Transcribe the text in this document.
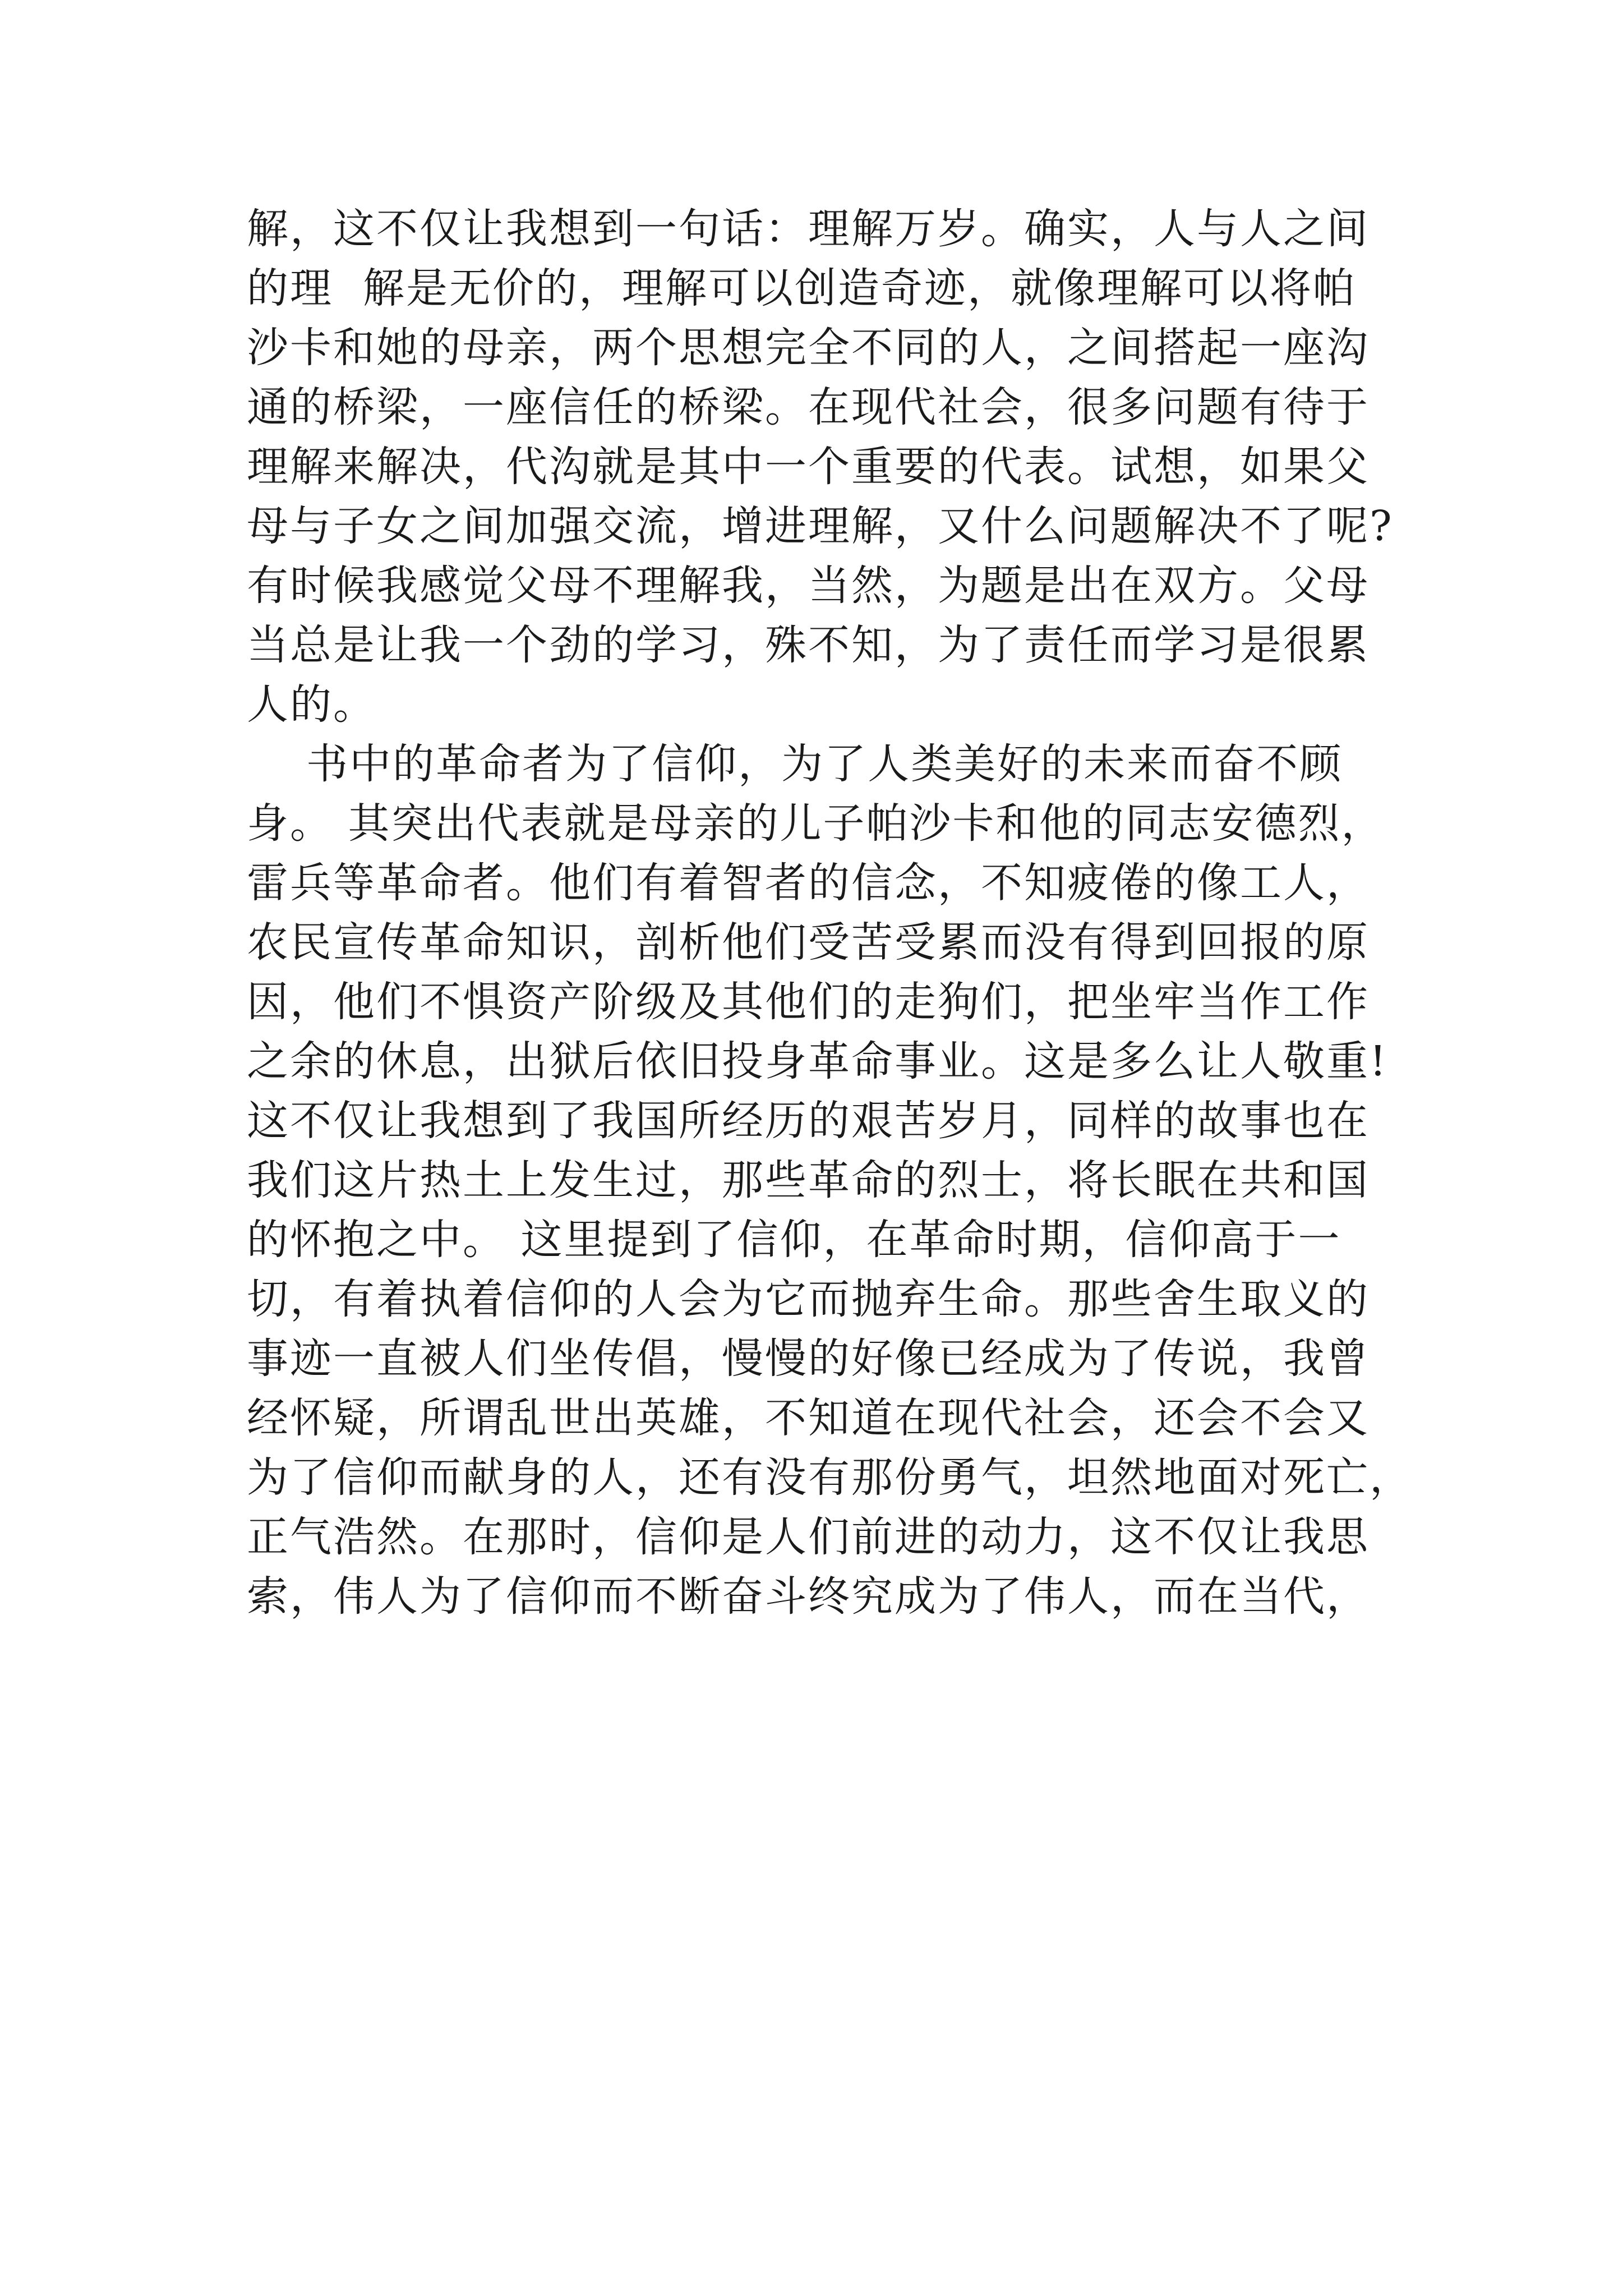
解，这不仅让我想到一句话：理解万岁。确实，人与人之间
的理  解是无价的，理解可以创造奇迹，就像理解可以将帕
沙卡和她的母亲，两个思想完全不同的人，之间搭起一座沟
通的桥梁，一座信任的桥梁。在现代社会，很多问题有待于
理解来解决，代沟就是其中一个重要的代表。试想，如果父
母与子女之间加强交流，增进理解，又什么问题解决不了呢?
有时候我感觉父母不理解我，当然，为题是出在双方。父母
当总是让我一个劲的学习，殊不知，为了责任而学习是很累
人的。
书中的革命者为了信仰，为了人类美好的未来而奋不顾
身。 其突出代表就是母亲的儿子帕沙卡和他的同志安德烈，
雷兵等革命者。他们有着智者的信念，不知疲倦的像工人，
农民宣传革命知识，剖析他们受苦受累而没有得到回报的原
因，他们不惧资产阶级及其他们的走狗们，把坐牢当作工作
之余的休息，出狱后依旧投身革命事业。这是多么让人敬重!
这不仅让我想到了我国所经历的艰苦岁月，同样的故事也在
我们这片热土上发生过，那些革命的烈士，将长眠在共和国
的怀抱之中。 这里提到了信仰，在革命时期，信仰高于一
切，有着执着信仰的人会为它而抛弃生命。那些舍生取义的
事迹一直被人们坐传倡，慢慢的好像已经成为了传说，我曾
经怀疑，所谓乱世出英雄，不知道在现代社会，还会不会又
为了信仰而献身的人，还有没有那份勇气，坦然地面对死亡，
正气浩然。在那时，信仰是人们前进的动力，这不仅让我思
索，伟人为了信仰而不断奋斗终究成为了伟人，而在当代，
